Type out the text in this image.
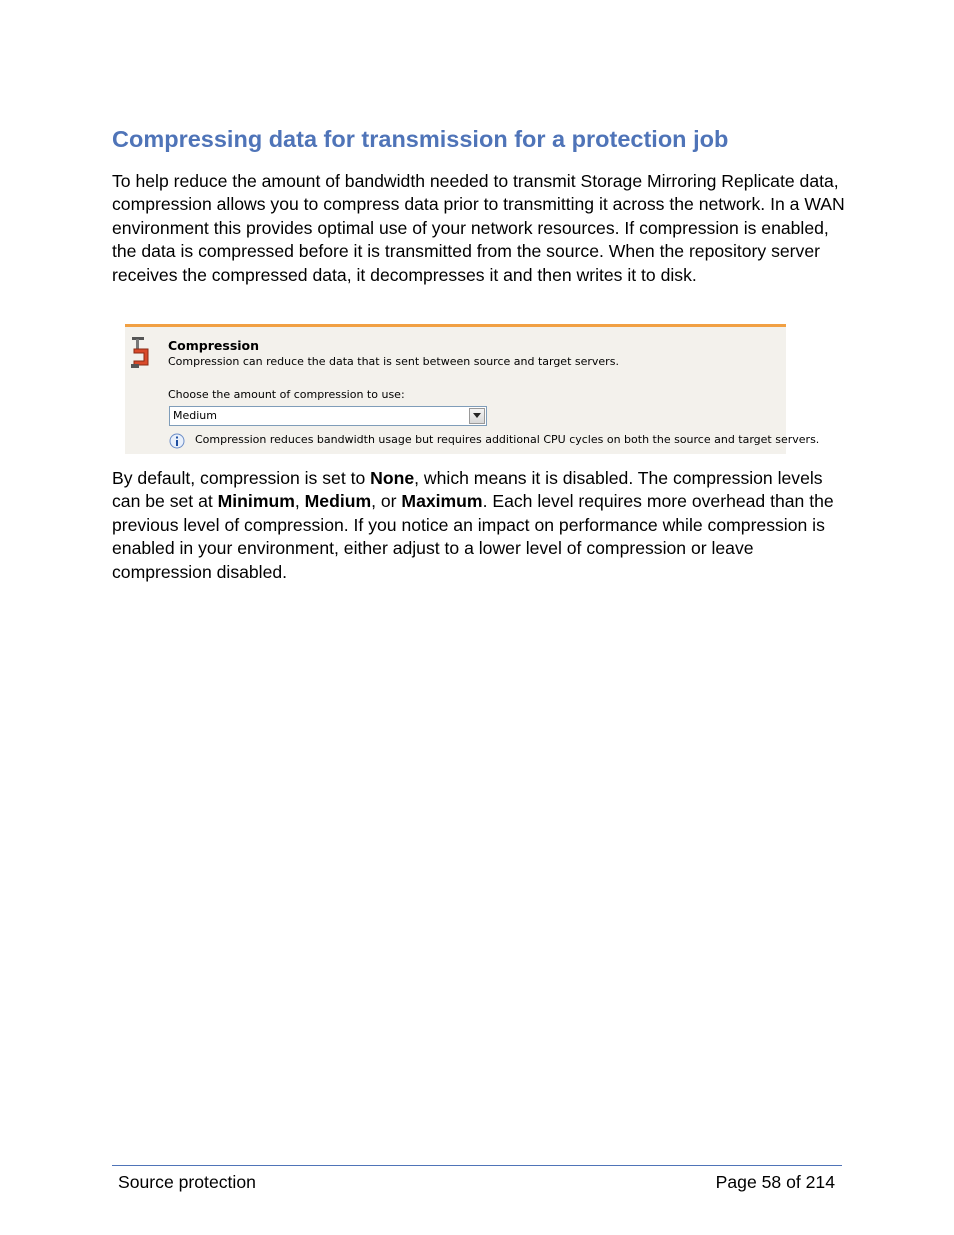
Compressing data for transmission for a protection job

To help reduce the amount of bandwidth needed to transmit Storage Mirroring Replicate data, compression allows you to compress data prior to transmitting it across the network. In a WAN environment this provides optimal use of your network resources. If compression is enabled, the data is compressed before it is transmitted from the source. When the repository server receives the compressed data, it decompresses it and then writes it to disk.

Compression
Compression can reduce the data that is sent between source and target servers.
Choose the amount of compression to use:
Medium
Compression reduces bandwidth usage but requires additional CPU cycles on both the source and target servers.

By default, compression is set to None, which means it is disabled. The compression levels can be set at Minimum, Medium, or Maximum. Each level requires more overhead than the previous level of compression. If you notice an impact on performance while compression is enabled in your environment, either adjust to a lower level of compression or leave compression disabled.

Source protection	Page 58 of 214
